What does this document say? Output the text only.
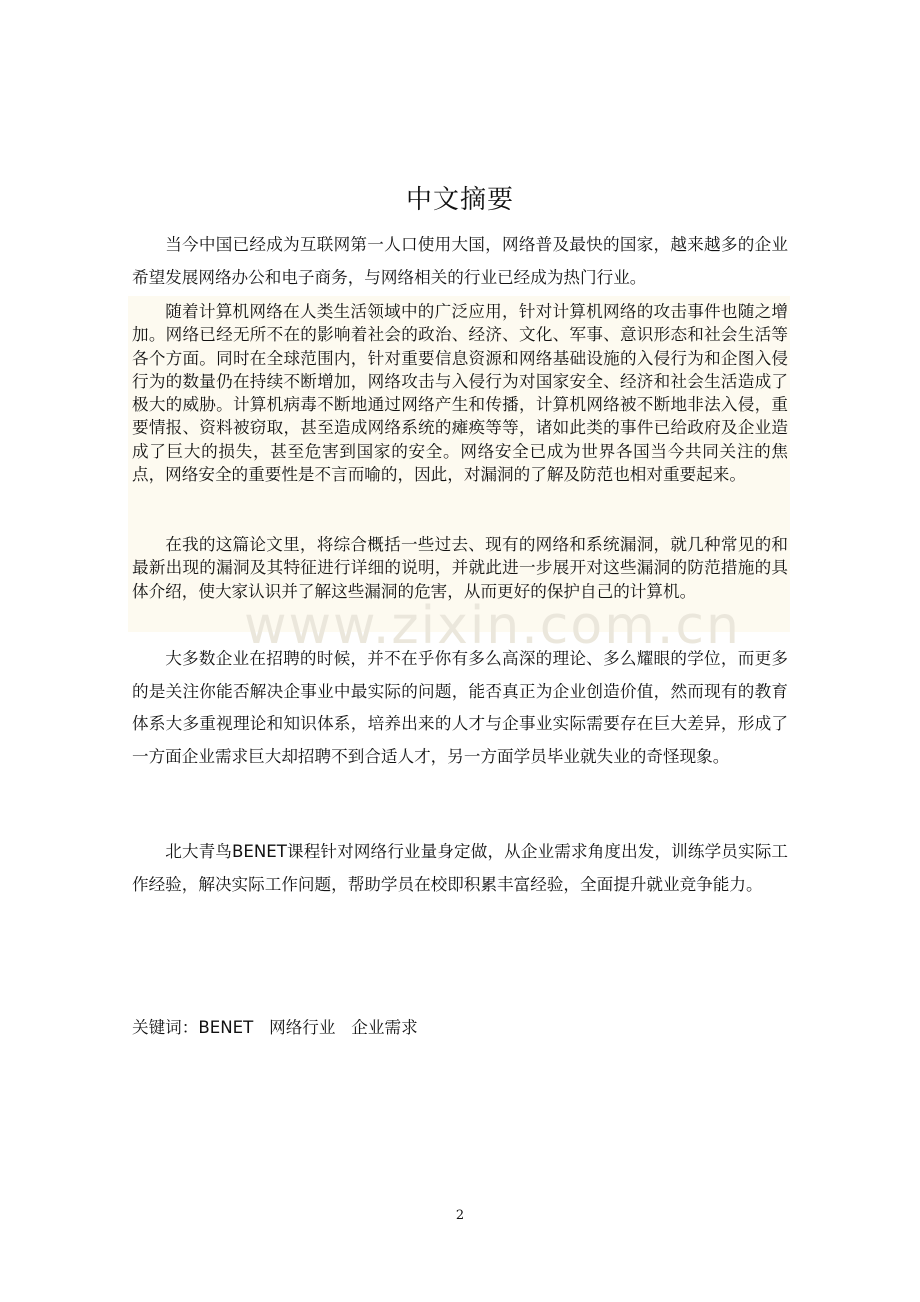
www.zixin.com.cn
中文摘要

当今中国已经成为互联网第一人口使用大国，网络普及最快的国家，越来越多的企业希望发展网络办公和电子商务，与网络相关的行业已经成为热门行业。

随着计算机网络在人类生活领域中的广泛应用，针对计算机网络的攻击事件也随之增加。网络已经无所不在的影响着社会的政治、经济、文化、军事、意识形态和社会生活等各个方面。同时在全球范围内，针对重要信息资源和网络基础设施的入侵行为和企图入侵行为的数量仍在持续不断增加，网络攻击与入侵行为对国家安全、经济和社会生活造成了极大的威胁。计算机病毒不断地通过网络产生和传播，计算机网络被不断地非法入侵，重要情报、资料被窃取，甚至造成网络系统的瘫痪等等，诸如此类的事件已给政府及企业造成了巨大的损失，甚至危害到国家的安全。网络安全已成为世界各国当今共同关注的焦点，网络安全的重要性是不言而喻的，因此，对漏洞的了解及防范也相对重要起来。

在我的这篇论文里，将综合概括一些过去、现有的网络和系统漏洞，就几种常见的和最新出现的漏洞及其特征进行详细的说明，并就此进一步展开对这些漏洞的防范措施的具体介绍，使大家认识并了解这些漏洞的危害，从而更好的保护自己的计算机。

大多数企业在招聘的时候，并不在乎你有多么高深的理论、多么耀眼的学位，而更多的是关注你能否解决企事业中最实际的问题，能否真正为企业创造价值，然而现有的教育体系大多重视理论和知识体系，培养出来的人才与企事业实际需要存在巨大差异，形成了一方面企业需求巨大却招聘不到合适人才，另一方面学员毕业就失业的奇怪现象。

北大青鸟BENET课程针对网络行业量身定做，从企业需求角度出发，训练学员实际工作经验，解决实际工作问题，帮助学员在校即积累丰富经验，全面提升就业竞争能力。

关键词：BENET   网络行业   企业需求
2
